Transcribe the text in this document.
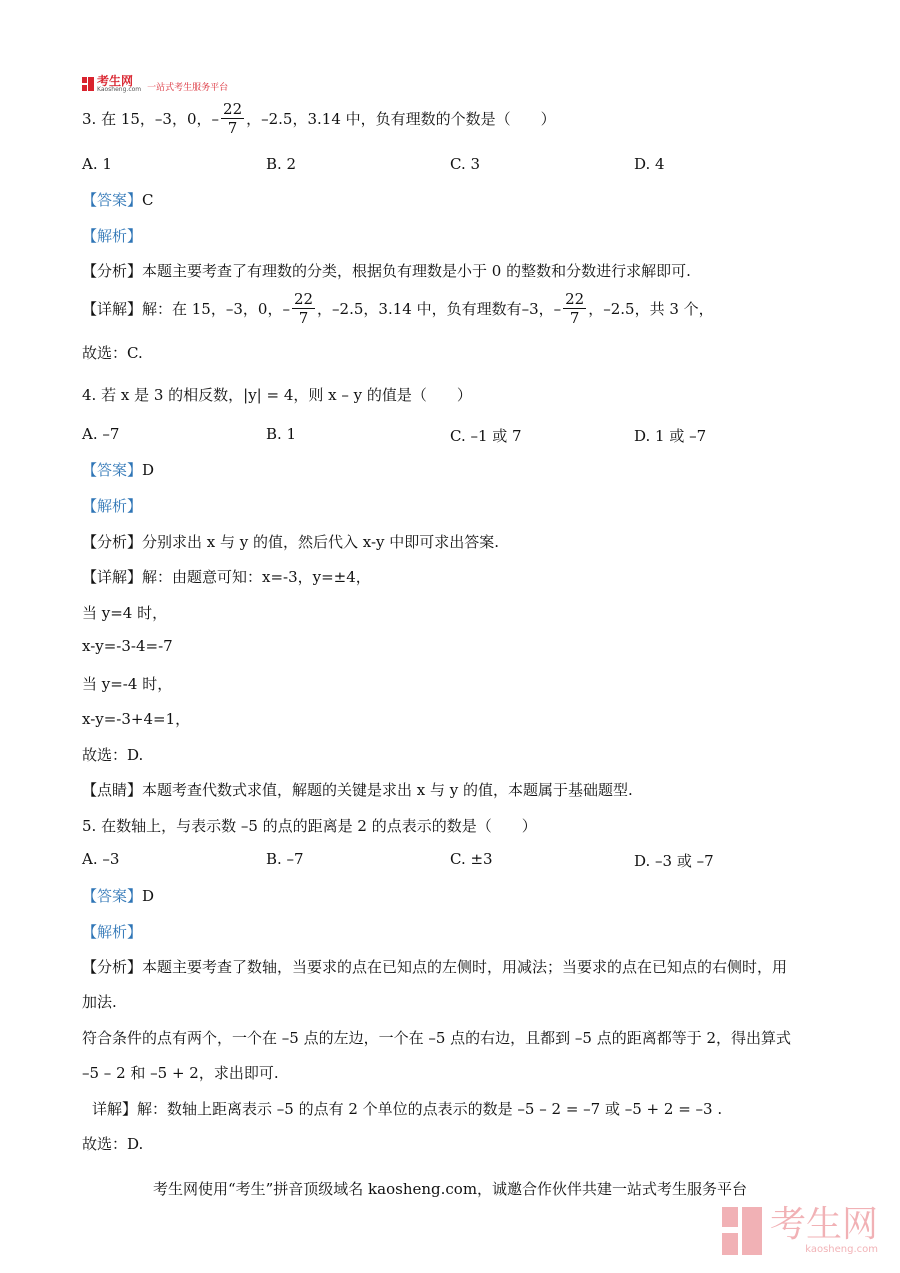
考生网
Kaosheng.com 一站式考生服务平台
3. 在 15，–3，0，– $\frac{22}{7}$ ，–2.5，3.14 中，负有理数的个数是（　　）
A. 1	B. 2	C. 3	D. 4
【答案】C
【解析】
【分析】本题主要考查了有理数的分类，根据负有理数是小于 0 的整数和分数进行求解即可.
【详解】解：在 15，–3，0，– $\frac{22}{7}$ ，–2.5，3.14 中，负有理数有–3，– $\frac{22}{7}$ ，–2.5，共 3 个，
故选：C.
4. 若 x 是 3 的相反数，|y| = 4，则 x – y 的值是（　　）
A. –7	B. 1	C. –1 或 7	D. 1 或 –7
【答案】D
【解析】
【分析】分别求出 x 与 y 的值，然后代入 x-y 中即可求出答案.
【详解】解：由题意可知：x=-3，y=±4，
当 y=4 时，
x-y=-3-4=-7
当 y=-4 时，
x-y=-3+4=1，
故选：D.
【点睛】本题考查代数式求值，解题的关键是求出 x 与 y 的值，本题属于基础题型.
5. 在数轴上，与表示数 –5 的点的距离是 2 的点表示的数是（　　）
A. –3	B. –7	C. ±3	D. –3 或 –7
【答案】D
【解析】
【分析】本题主要考查了数轴，当要求的点在已知点的左侧时，用减法；当要求的点在已知点的右侧时，用
加法.
符合条件的点有两个，一个在 –5 点的左边，一个在 –5 点的右边，且都到 –5 点的距离都等于 2，得出算式
–5 – 2 和 –5 + 2，求出即可.
详解】解：数轴上距离表示 –5 的点有 2 个单位的点表示的数是 –5 – 2 = –7 或 –5 + 2 = –3 .
故选：D.
考生网使用“考生”拼音顶级域名 kaosheng.com，诚邀合作伙伴共建一站式考生服务平台
考生网
kaosheng.com
